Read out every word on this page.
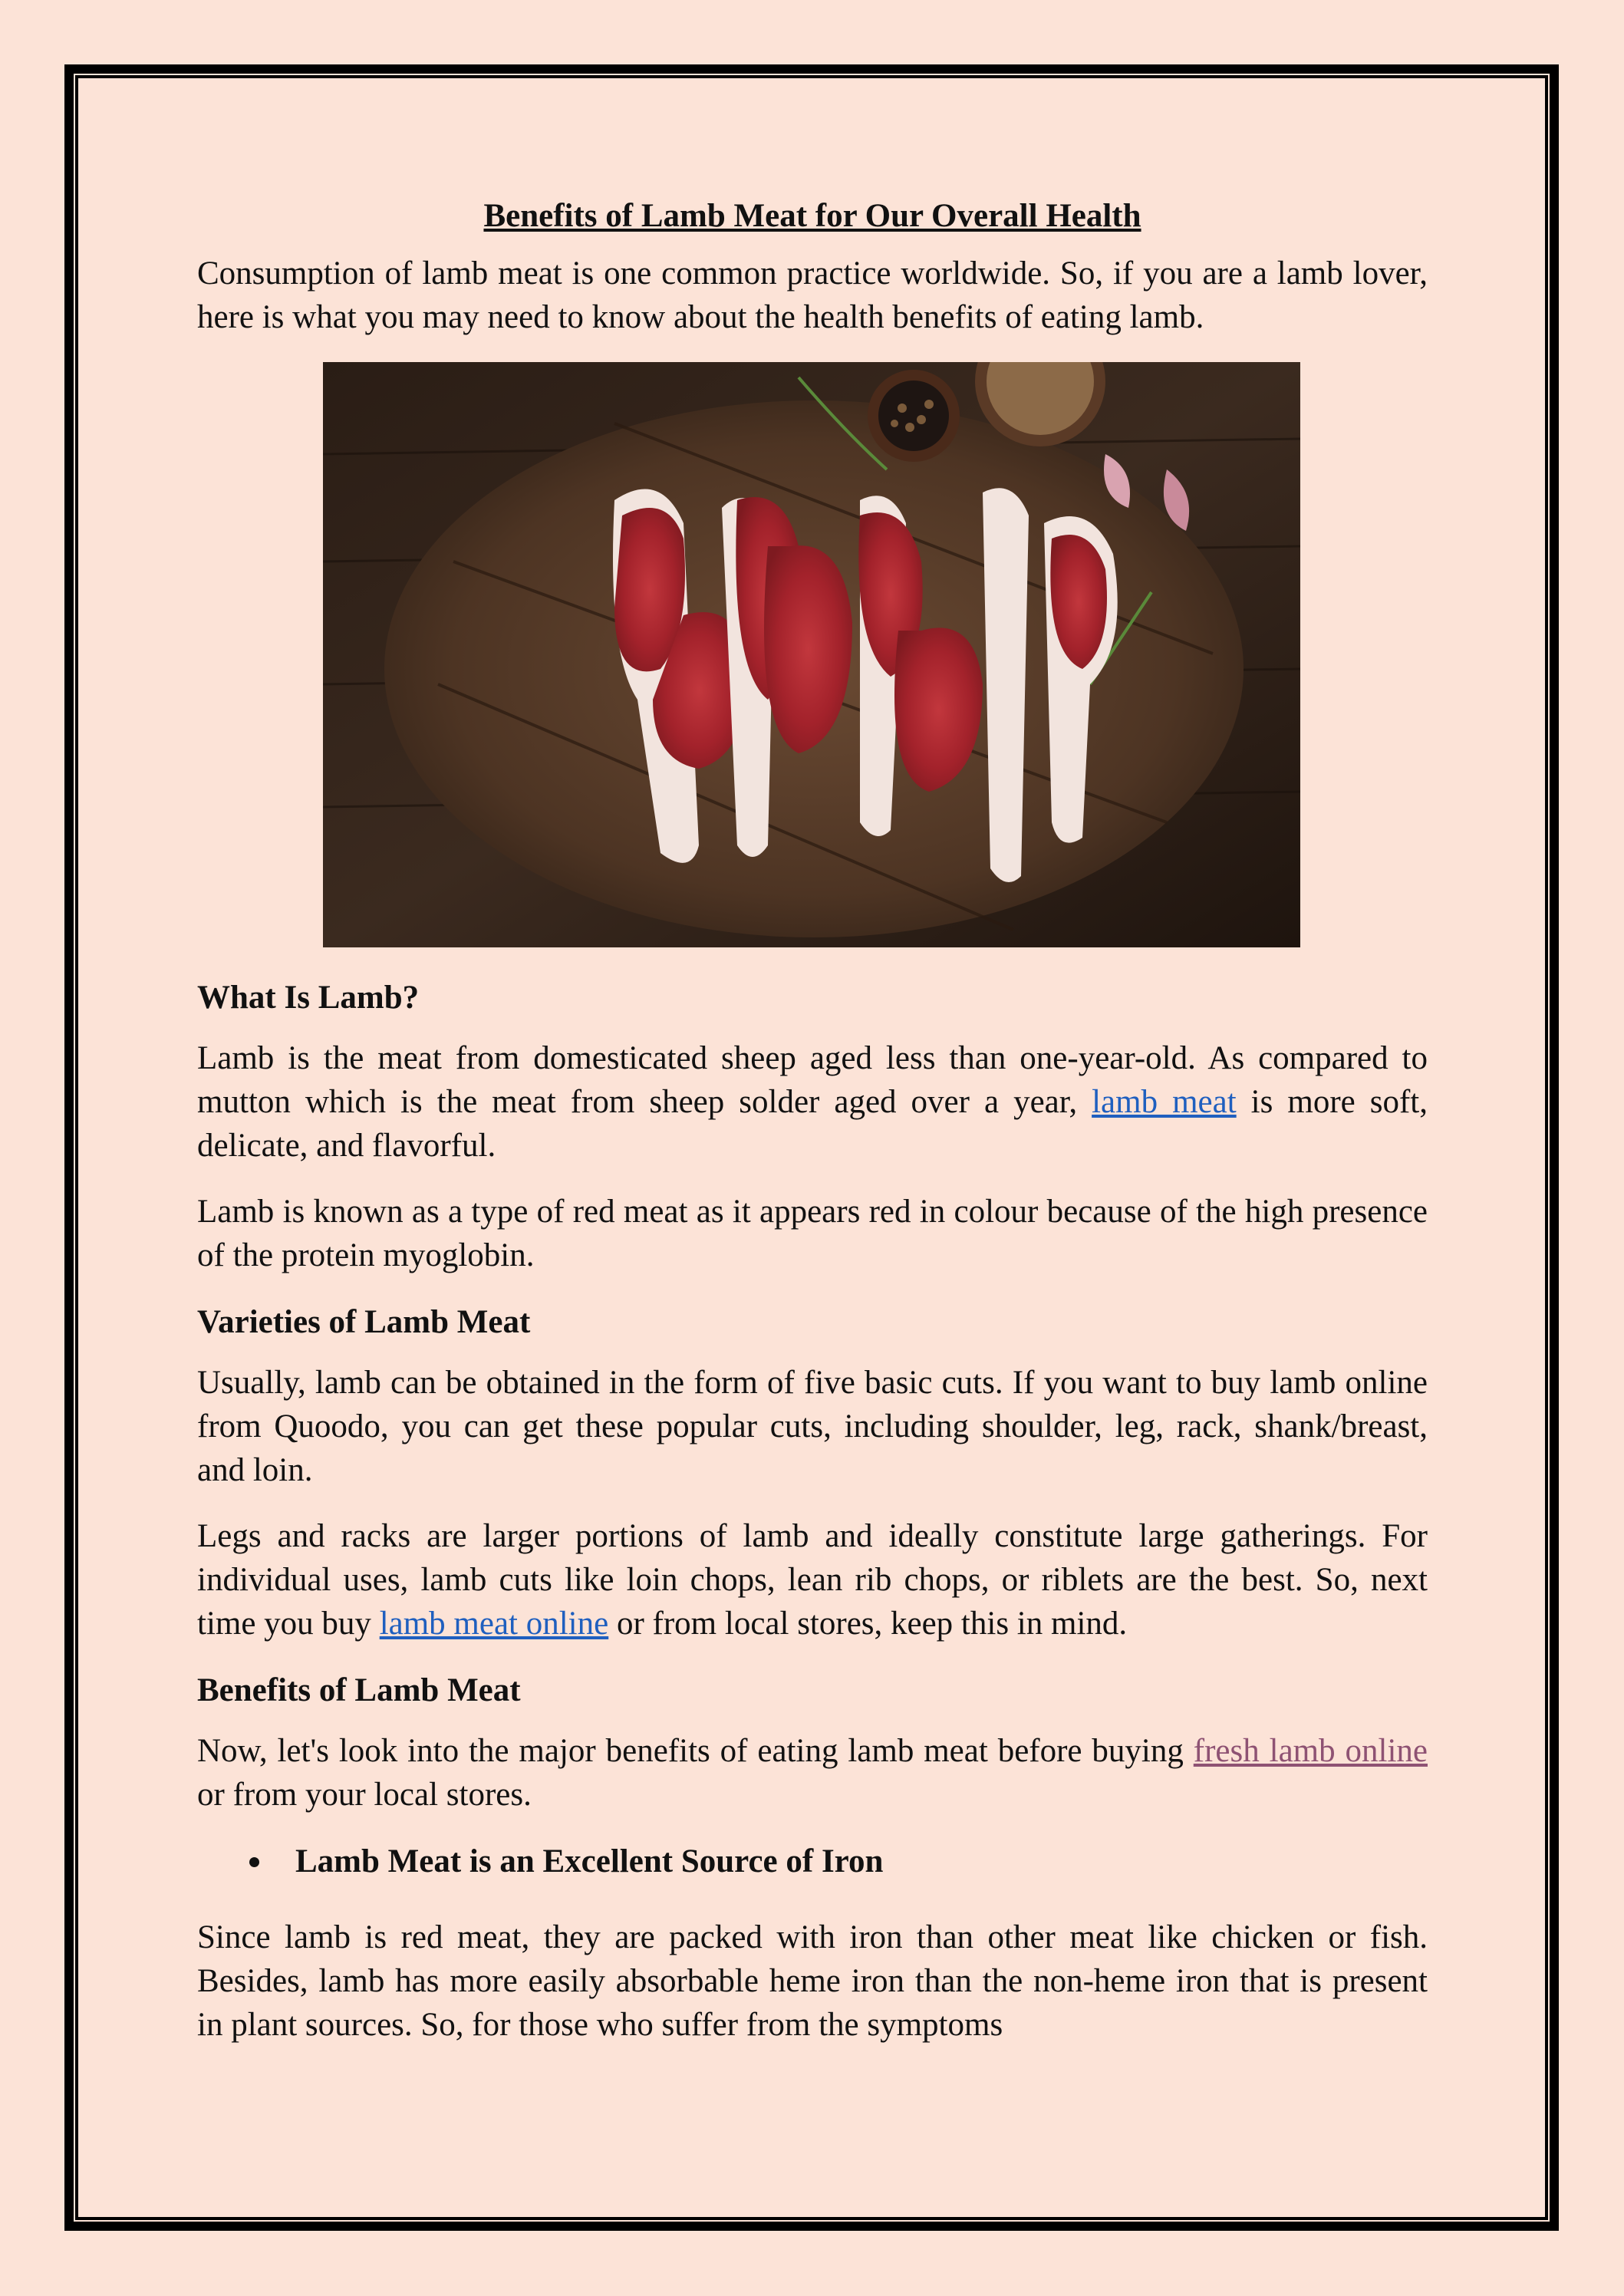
Benefits of Lamb Meat for Our Overall Health

Consumption of lamb meat is one common practice worldwide. So, if you are a lamb lover, here is what you may need to know about the health benefits of eating lamb.

What Is Lamb?

Lamb is the meat from domesticated sheep aged less than one-year-old. As compared to mutton which is the meat from sheep solder aged over a year, lamb meat is more soft, delicate, and flavorful.

Lamb is known as a type of red meat as it appears red in colour because of the high presence of the protein myoglobin.

Varieties of Lamb Meat

Usually, lamb can be obtained in the form of five basic cuts. If you want to buy lamb online from Quoodo, you can get these popular cuts, including shoulder, leg, rack, shank/breast, and loin.

Legs and racks are larger portions of lamb and ideally constitute large gatherings. For individual uses, lamb cuts like loin chops, lean rib chops, or riblets are the best. So, next time you buy lamb meat online or from local stores, keep this in mind.

Benefits of Lamb Meat

Now, let's look into the major benefits of eating lamb meat before buying fresh lamb online or from your local stores.

Lamb Meat is an Excellent Source of Iron

Since lamb is red meat, they are packed with iron than other meat like chicken or fish. Besides, lamb has more easily absorbable heme iron than the non-heme iron that is present in plant sources. So, for those who suffer from the symptoms
